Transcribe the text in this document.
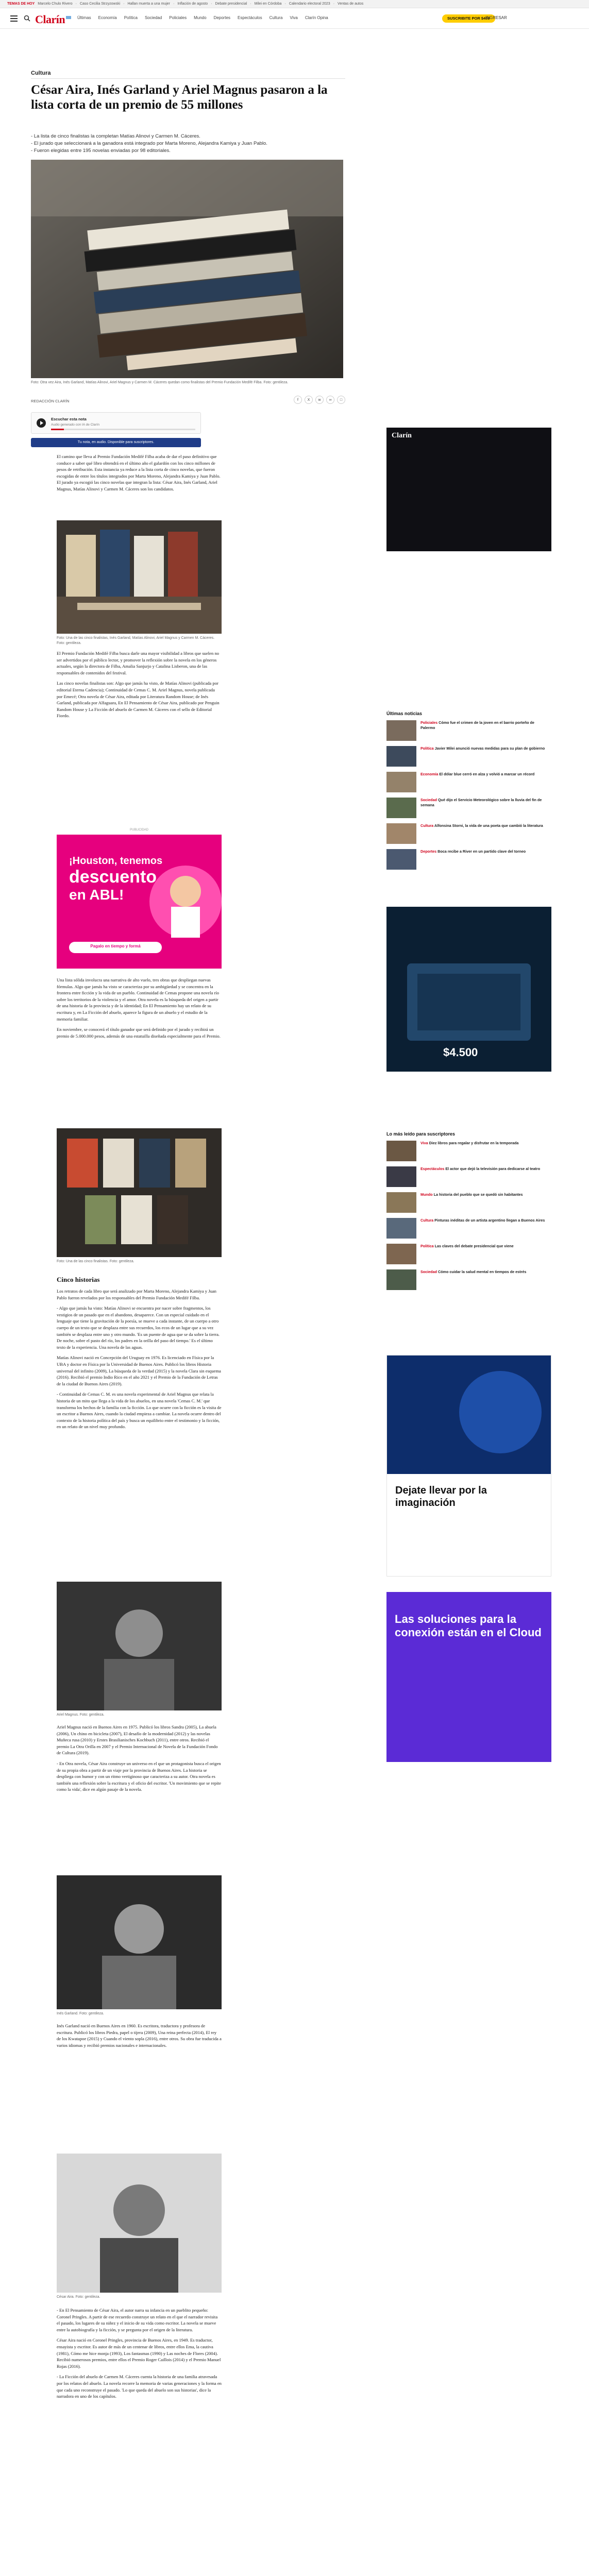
TEMAS DE HOY Marcelo Chulo Rivero · Caso Cecilia Strzyzowski · Hallan muerta a una mujer · Inflación de agosto · Debate presidencial · Milei en Córdoba · Calendario electoral 2023 · Ventas de autos
Clarín	Últimas Economía Política Sociedad Policiales Mundo Deportes Espectáculos Cultura Viva Clarín Opina	SUSCRIBITE POR $480
INGRESAR
Cultura
César Aira, Inés Garland y Ariel Magnus pasaron a la lista corta de un premio de 55 millones
- La lista de cinco finalistas la completan Matías Alinovi y Carmen M. Cáceres.
- El jurado que seleccionará a la ganadora está integrado por Marta Moreno, Alejandra Kamiya y Juan Pablo.
- Fueron elegidas entre 195 novelas enviadas por 98 editoriales.
Foto: Otra vez Aira, Inés Garland, Matías Alinovi, Ariel Magnus y Carmen M. Cáceres quedan como finalistas del Premio Fundación Medifé Filba. Foto: gentileza.
REDACCIÓN CLARÍN	f	X	w	∞	□
Escuchar esta nota
Audio generado con IA de Clarín
Tu nota, en audio. Disponible para suscriptores.

El camino que lleva al Premio Fundación Medifé Filba acaba de dar el paso definitivo que conduce a saber qué libro obtendrá en el último año el galardón con los cinco millones de pesos de retribución. Esta instancia ya reduce a la lista corta de cinco novelas, que fueron escogidas de entre los títulos integrados por Marta Moreno, Alejandra Kamiya y Juan Pablo. El jurado ya escogió las cinco novelas que integran la lista: César Aira, Inés Garland, Ariel Magnus, Matías Alinovi y Carmen M. Cáceres son los candidatos.

Foto: Una de las cinco finalistas, Inés Garland, Matías Alinovi, Ariel Magnus y Carmen M. Cáceres. Foto: gentileza.

El Premio Fundación Medifé Filba busca darle una mayor visibilidad a libros que suelen no ser advertidos por el público lector, y promover la reflexión sobre la novela en los géneros actuales, según la directora de Filba, Amalia Sanjurjo y Catalina Lisberon, una de las responsables de contenidos del festival.

Las cinco novelas finalistas son: Algo que jamás ha visto, de Matías Alinovi (publicada por editorial Eterna Cadencia); Continuidad de Cemas C. M. Ariel Magnus, novela publicada por Emecé; Otra novela de César Aira, editada por Literatura Random House; de Inés Garland, publicada por Alfaguara, En El Pensamiento de César Aira, publicado por Penguin Random House y La Ficción del abuelo de Carmen M. Cáceres con el sello de Editorial Fiordo.

PUBLICIDAD
¡Houston, tenemos
descuento
en ABL!
Pagalo en tiempo y formá

Una lista sólida involucra una narrativa de alto vuelo, tres obras que despliegan nuevas fórmulas. Algo que jamás ha visto se caracteriza por su ambigüedad y se concentra en la frontera entre ficción y la vida de un pueblo. Continuidad de Cemas propone una novela río sobre los territorios de la violencia y el amor. Otra novela es la búsqueda del origen a partir de una historia de la provincia y de la identidad; En El Pensamiento hay un relato de su escritura y, en La Ficción del abuelo, aparece la figura de un abuelo y el estudio de la memoria familiar.

En noviembre, se conocerá el título ganador que será definido por el jurado y recibirá un premio de 5.000.000 pesos, además de una estatuilla diseñada especialmente para el Premio.

Foto: Una de las cinco finalistas. Foto: gentileza.
Cinco historias

Los retratos de cada libro que será analizado por Marta Moreno, Alejandra Kamiya y Juan Pablo fueron revelados por los responsables del Premio Fundación Medifé Filba.

- Algo que jamás ha visto: Matías Alinovi se encuentra por nacer sobre fragmentos, los vestigios de un pasado que en el abandono, desaparece. Con un especial cuidado en el lenguaje que tiene la gravitación de la poesía, se mueve a cada instante, de un cuerpo a otro cuerpo de un texto que se desplaza entre sus recuerdos, los ecos de un lugar que a su vez también se desplaza entre uno y otro mundo. 'Es un puente de agua que se da sobre la tierra. De noche, sobre el pasto del río, los padres en la orilla del paso del tiempo.' Es el último texto de la experiencia. Una novela de las aguas.

Matías Alinovi nació en Concepción del Uruguay en 1976. Es licenciado en Física por la UBA y doctor en Física por la Universidad de Buenos Aires. Publicó los libros Historia universal del infinito (2009), La búsqueda de la verdad (2015) y la novela Clara sin esquema (2016). Recibió el premio Indio Rico en el año 2021 y el Premio de la Fundación de Letras de la ciudad de Buenos Aires (2019).

- Continuidad de Cemas C. M. es una novela experimental de Ariel Magnus que relata la historia de un mito que llega a la vida de los abuelos, en una novela 'Cemas C. M.' que transforma los hechos de la familia con la ficción. Lo que ocurre con la ficción es la visita de un escritor a Buenos Aires, cuando la ciudad empieza a cambiar. La novela ocurre dentro del contexto de la historia política del país y busca un equilibrio entre el testimonio y la ficción, en un relato de un nivel muy profundo.

Ariel Magnus. Foto: gentileza.

Ariel Magnus nació en Buenos Aires en 1975. Publicó los libros Sandra (2005), La abuela (2006), Un chino en bicicleta (2007), El desafío de la modernidad (2012) y las novelas Muñeca rusa (2010) y Erstes Brasilianisches Kochbuch (2011), entre otros. Recibió el premio La Otra Orilla en 2007 y el Premio Internacional de Novela de la Fundación Fondo de Cultura (2019).

- En Otra novela, César Aira construye un universo en el que un protagonista busca el origen de su propia obra a partir de un viaje por la provincia de Buenos Aires. La historia se despliega con humor y con un ritmo vertiginoso que caracteriza a su autor. Otra novela es también una reflexión sobre la escritura y el oficio del escritor. 'Un movimiento que se repite como la vida', dice en algún pasaje de la novela.

Inés Garland. Foto: gentileza.

Inés Garland nació en Buenos Aires en 1960. Es escritora, traductora y profesora de escritura. Publicó los libros Piedra, papel o tijera (2009), Una reina perfecta (2014), El rey de los Kwatapoe (2015) y Cuando el viento sopla (2016), entre otros. Su obra fue traducida a varios idiomas y recibió premios nacionales e internacionales.

César Aira. Foto: gentileza.

- En El Pensamiento de César Aira, el autor narra su infancia en un pueblito pequeño: Coronel Pringles. A partir de ese recuerdo construye un relato en el que el narrador revisita el pasado, los lugares de su niñez y el inicio de su vida como escritor. La novela se mueve entre la autobiografía y la ficción, y se pregunta por el origen de la literatura.

César Aira nació en Coronel Pringles, provincia de Buenos Aires, en 1949. Es traductor, ensayista y escritor. Es autor de más de un centenar de libros, entre ellos Ema, la cautiva (1981), Cómo me hice monja (1993), Los fantasmas (1990) y Las noches de Flores (2004). Recibió numerosos premios, entre ellos el Premio Roger Caillois (2014) y el Premio Manuel Rojas (2016).

- La Ficción del abuelo de Carmen M. Cáceres cuenta la historia de una familia atravesada por los relatos del abuelo. La novela recorre la memoria de varias generaciones y la forma en que cada uno reconstruye el pasado. 'Lo que queda del abuelo son sus historias', dice la narradora en uno de los capítulos.

Clarín
Últimas noticias
Policiales Cómo fue el crimen de la joven en el barrio porteño de Palermo
Política Javier Milei anunció nuevas medidas para su plan de gobierno
Economía El dólar blue cerró en alza y volvió a marcar un récord
Sociedad Qué dijo el Servicio Meteorológico sobre la lluvia del fin de semana
Cultura Alfonsina Storni, la vida de una poeta que cambió la literatura
Deportes Boca recibe a River en un partido clave del torneo
$4.500
Lo más leído para suscriptores
Viva Diez libros para regalar y disfrutar en la temporada
Espectáculos El actor que dejó la televisión para dedicarse al teatro
Mundo La historia del pueblo que se quedó sin habitantes
Cultura Pinturas inéditas de un artista argentino llegan a Buenos Aires
Política Las claves del debate presidencial que viene
Sociedad Cómo cuidar la salud mental en tiempos de estrés
Dejate llevar por la imaginación
Las soluciones para la conexión están en el Cloud
